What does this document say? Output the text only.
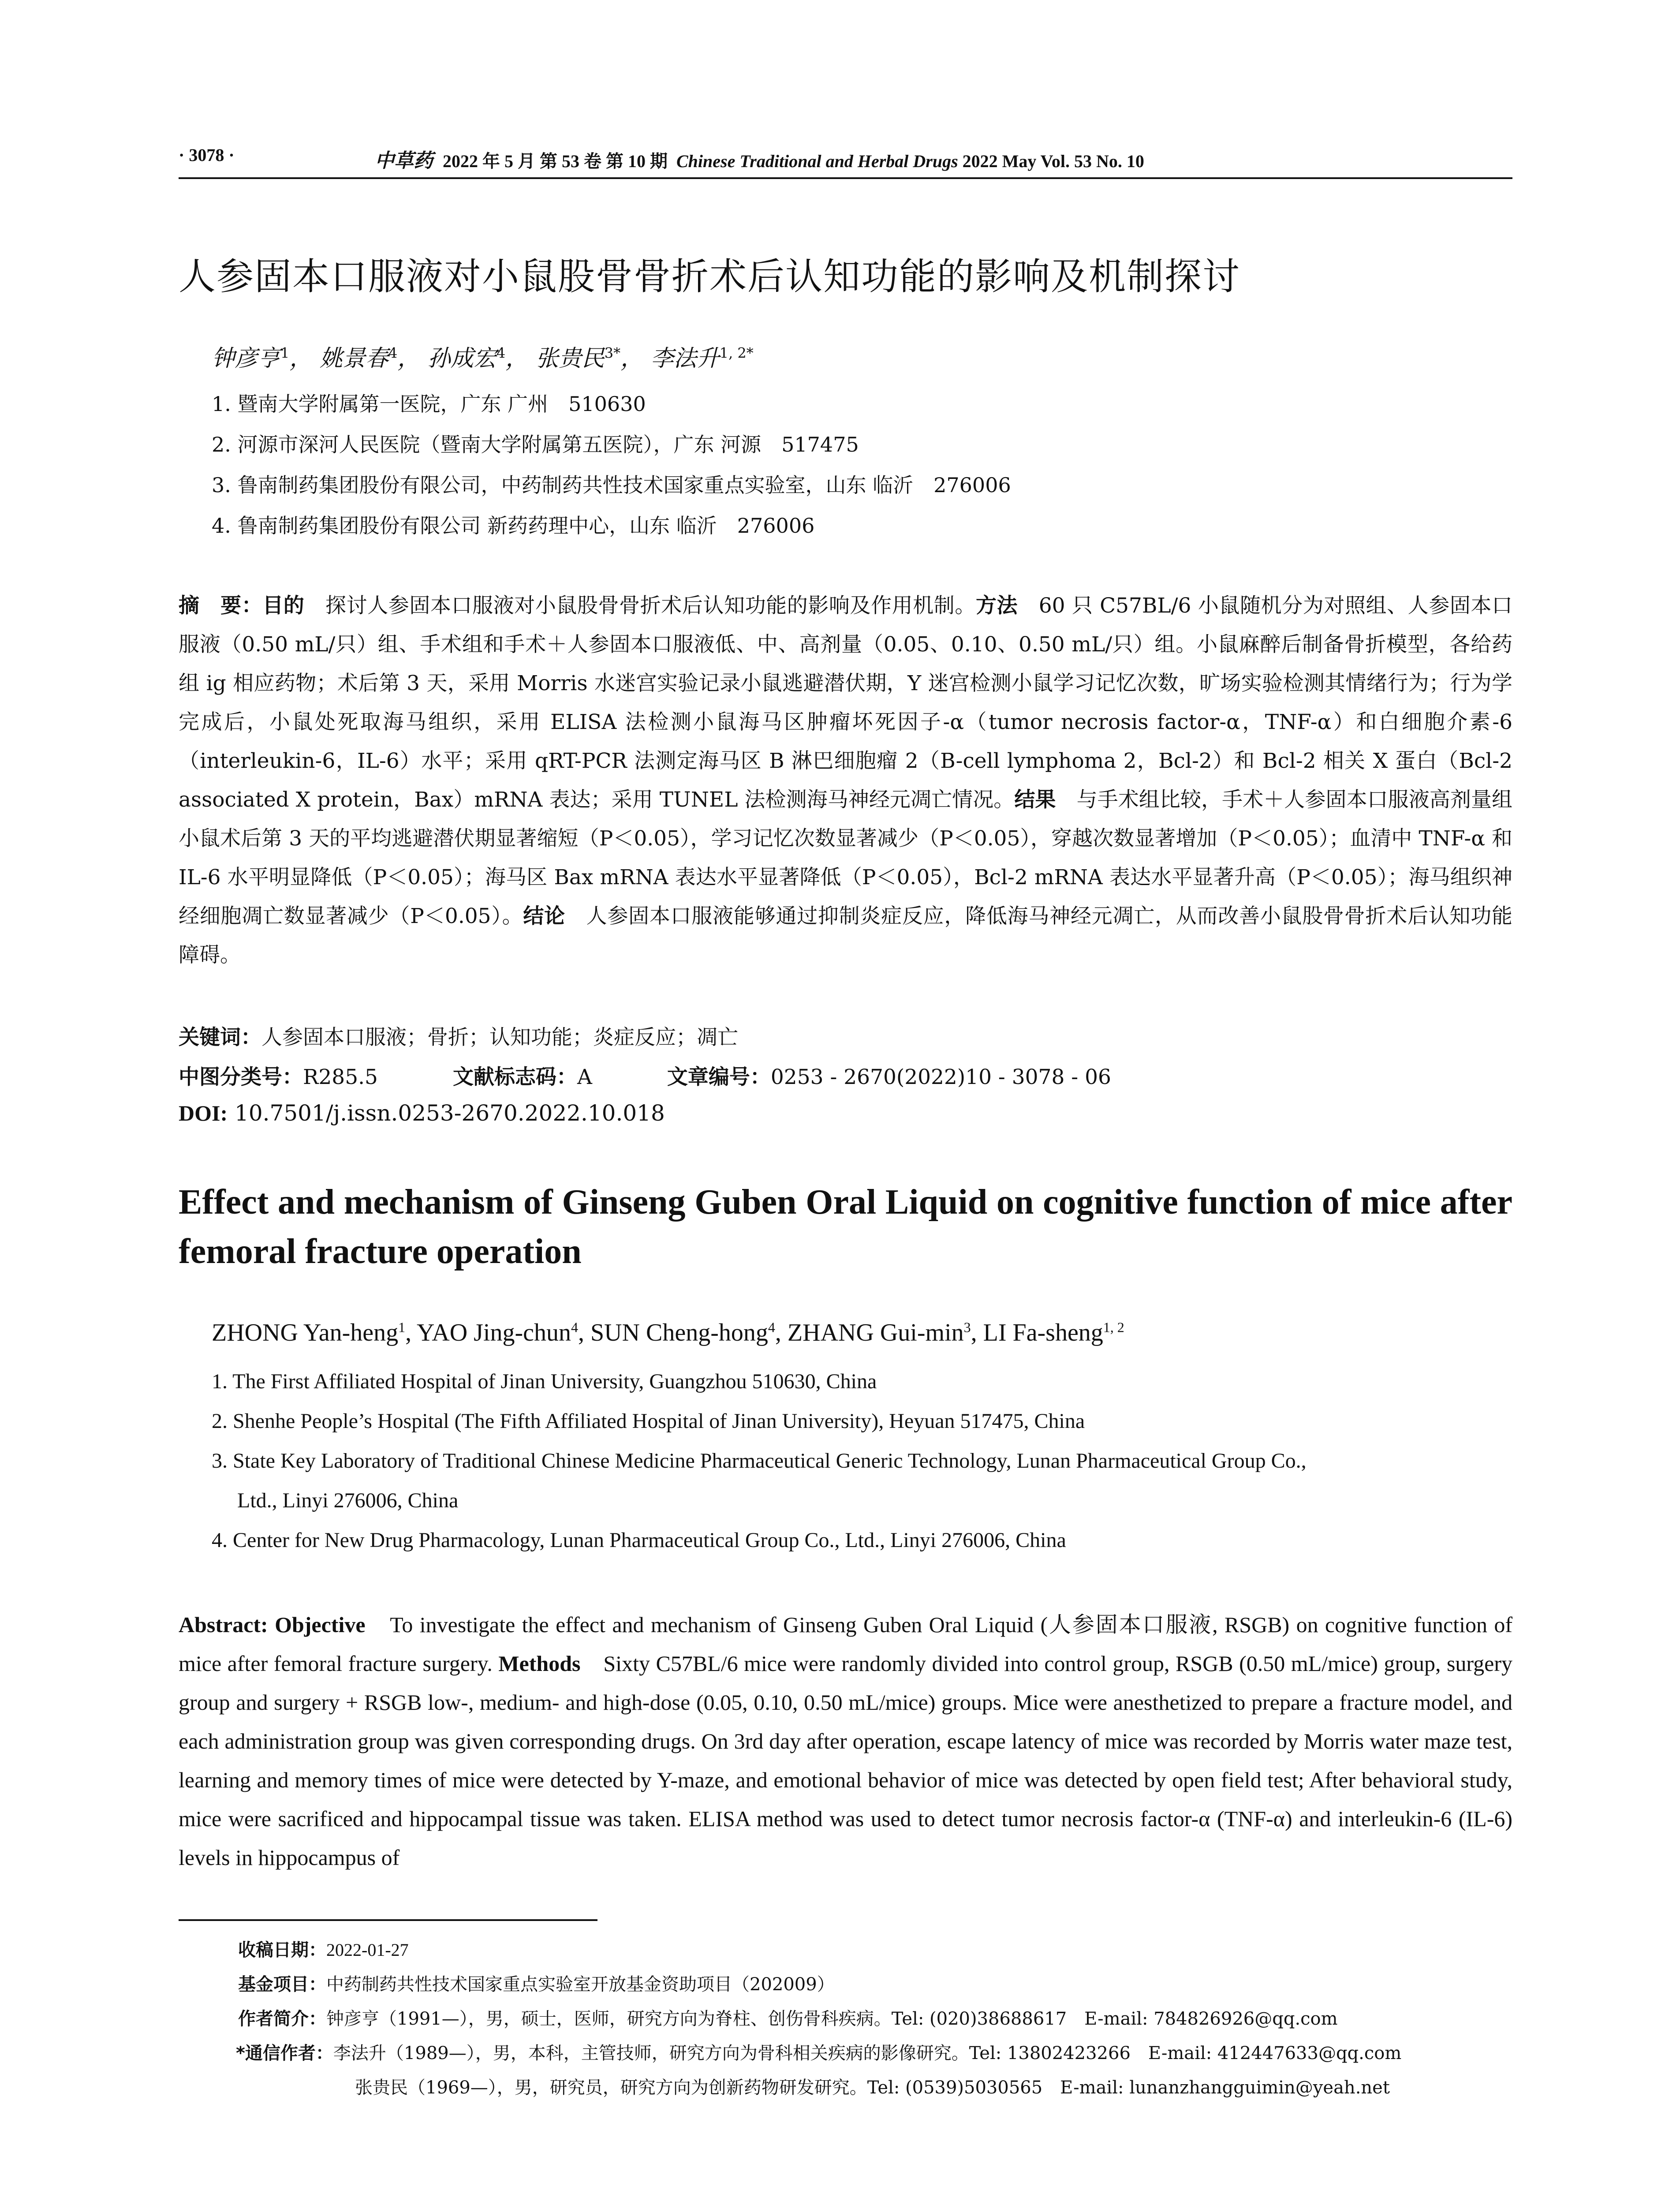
· 3078 ·	中草药 2022 年 5 月 第 53 卷 第 10 期 Chinese Traditional and Herbal Drugs 2022 May Vol. 53 No. 10
人参固本口服液对小鼠股骨骨折术后认知功能的影响及机制探讨
钟彦亨$^1$， 姚景春$^4$， 孙成宏$^4$， 张贵民$^{3*}$， 李法升$^{1, 2*}$
1. 暨南大学附属第一医院，广东 广州　510630
2. 河源市深河人民医院（暨南大学附属第五医院），广东 河源　517475
3. 鲁南制药集团股份有限公司，中药制药共性技术国家重点实验室，山东 临沂　276006
4. 鲁南制药集团股份有限公司 新药药理中心，山东 临沂　276006
摘　要：目的　探讨人参固本口服液对小鼠股骨骨折术后认知功能的影响及作用机制。方法　60 只 C57BL/6 小鼠随机分为对照组、人参固本口服液（0.50 mL/只）组、手术组和手术＋人参固本口服液低、中、高剂量（0.05、0.10、0.50 mL/只）组。小鼠麻醉后制备骨折模型，各给药组 ig 相应药物；术后第 3 天，采用 Morris 水迷宫实验记录小鼠逃避潜伏期，Y 迷宫检测小鼠学习记忆次数，旷场实验检测其情绪行为；行为学完成后，小鼠处死取海马组织，采用 ELISA 法检测小鼠海马区肿瘤坏死因子-α（tumor necrosis factor-α，TNF-α）和白细胞介素-6（interleukin-6，IL-6）水平；采用 qRT-PCR 法测定海马区 B 淋巴细胞瘤 2（B-cell lymphoma 2，Bcl-2）和 Bcl-2 相关 X 蛋白（Bcl-2 associated X protein，Bax）mRNA 表达；采用 TUNEL 法检测海马神经元凋亡情况。结果　与手术组比较，手术＋人参固本口服液高剂量组小鼠术后第 3 天的平均逃避潜伏期显著缩短（P＜0.05），学习记忆次数显著减少（P＜0.05），穿越次数显著增加（P＜0.05）；血清中 TNF-α 和 IL-6 水平明显降低（P＜0.05）；海马区 Bax mRNA 表达水平显著降低（P＜0.05），Bcl-2 mRNA 表达水平显著升高（P＜0.05）；海马组织神经细胞凋亡数显著减少（P＜0.05）。结论　人参固本口服液能够通过抑制炎症反应，降低海马神经元凋亡，从而改善小鼠股骨骨折术后认知功能障碍。
关键词：人参固本口服液；骨折；认知功能；炎症反应；凋亡
中图分类号：R285.5	文献标志码：A	文章编号：0253 - 2670(2022)10 - 3078 - 06
DOI: 10.7501/j.issn.0253-2670.2022.10.018
Effect and mechanism of Ginseng Guben Oral Liquid on cognitive function of mice after femoral fracture operation
ZHONG Yan-heng$^1$, YAO Jing-chun$^4$, SUN Cheng-hong$^4$, ZHANG Gui-$\min^3$, LI Fa-sheng$^{1, 2}$
1. The First Affiliated Hospital of Jinan University, Guangzhou 510630, China
2. Shenhe People’s Hospital (The Fifth Affiliated Hospital of Jinan University), Heyuan 517475, China
3. State Key Laboratory of Traditional Chinese Medicine Pharmaceutical Generic Technology, Lunan Pharmaceutical Group Co.,
Ltd., Linyi 276006, China
4. Center for New Drug Pharmacology, Lunan Pharmaceutical Group Co., Ltd., Linyi 276006, China
Abstract: Objective　To investigate the effect and mechanism of Ginseng Guben Oral Liquid (人参固本口服液, RSGB) on cognitive function of mice after femoral fracture surgery. Methods　Sixty C57BL/6 mice were randomly divided into control group, RSGB (0.50 mL/mice) group, surgery group and surgery + RSGB low-, medium- and high-dose (0.05, 0.10, 0.50 mL/mice) groups. Mice were anesthetized to prepare a fracture model, and each administration group was given corresponding drugs. On 3rd day after operation, escape latency of mice was recorded by Morris water maze test, learning and memory times of mice were detected by Y-maze, and emotional behavior of mice was detected by open field test; After behavioral study, mice were sacrificed and hippocampal tissue was taken. ELISA method was used to detect tumor necrosis factor-α (TNF-α) and interleukin-6 (IL-6) levels in hippocampus of
收稿日期：2022-01-27
基金项目：中药制药共性技术国家重点实验室开放基金资助项目（202009）
作者简介：钟彦亨（1991—），男，硕士，医师，研究方向为脊柱、创伤骨科疾病。Tel: (020)38688617　E-mail: 784826926@qq.com
*通信作者：李法升（1989—），男，本科，主管技师，研究方向为骨科相关疾病的影像研究。Tel: 13802423266　E-mail: 412447633@qq.com
张贵民（1969—），男，研究员，研究方向为创新药物研发研究。Tel: (0539)5030565　E-mail: lunanzhangguimin@yeah.net
